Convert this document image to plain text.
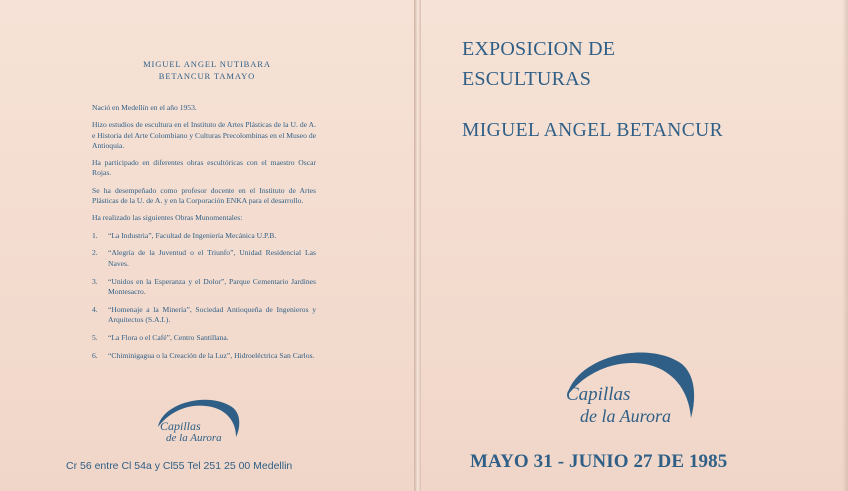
MIGUEL ANGEL NUTIBARA
BETANCUR TAMAYO

Nació en Medellín en el año 1953.

Hizo estudios de escultura en el Instituto de Artes Plásticas de la U. de A. e Historia del Arte Colombiano y Culturas Precolombinas en el Museo de Antioquia.

Ha participado en diferentes obras escultóricas con el maestro Oscar Rojas.

Se ha desempeñado como profesor docente en el Instituto de Artes Plásticas de la U. de A. y en la Corporación ENKA para el desarrollo.

Ha realizado las siguientes Obras Munomentales:

1.	“La Industria”, Facultad de Ingeniería Mecánica U.P.B.
2.	“Alegría de la Juventud o el Triunfo”, Unidad Residencial Las Naves.
3.	“Unidos en la Esperanza y el Dolor”, Parque Cementario Jardines Montesacro.
4.	“Homenaje a la Minería”, Sociedad Antioqueña de Ingenieros y Arquitectos (S.A.I.).
5.	“La Flora o el Café”, Centro Santillana.
6.	“Chiminigagua o la Creación de la Luz”, Hidroeléctrica San Carlos.
Capillas
de la Aurora
Cr 56 entre Cl 54a y Cl55 Tel 251 25 00 Medellin
EXPOSICION DE
ESCULTURAS
MIGUEL ANGEL BETANCUR
Capillas
de la Aurora
MAYO 31 - JUNIO 27 DE 1985
